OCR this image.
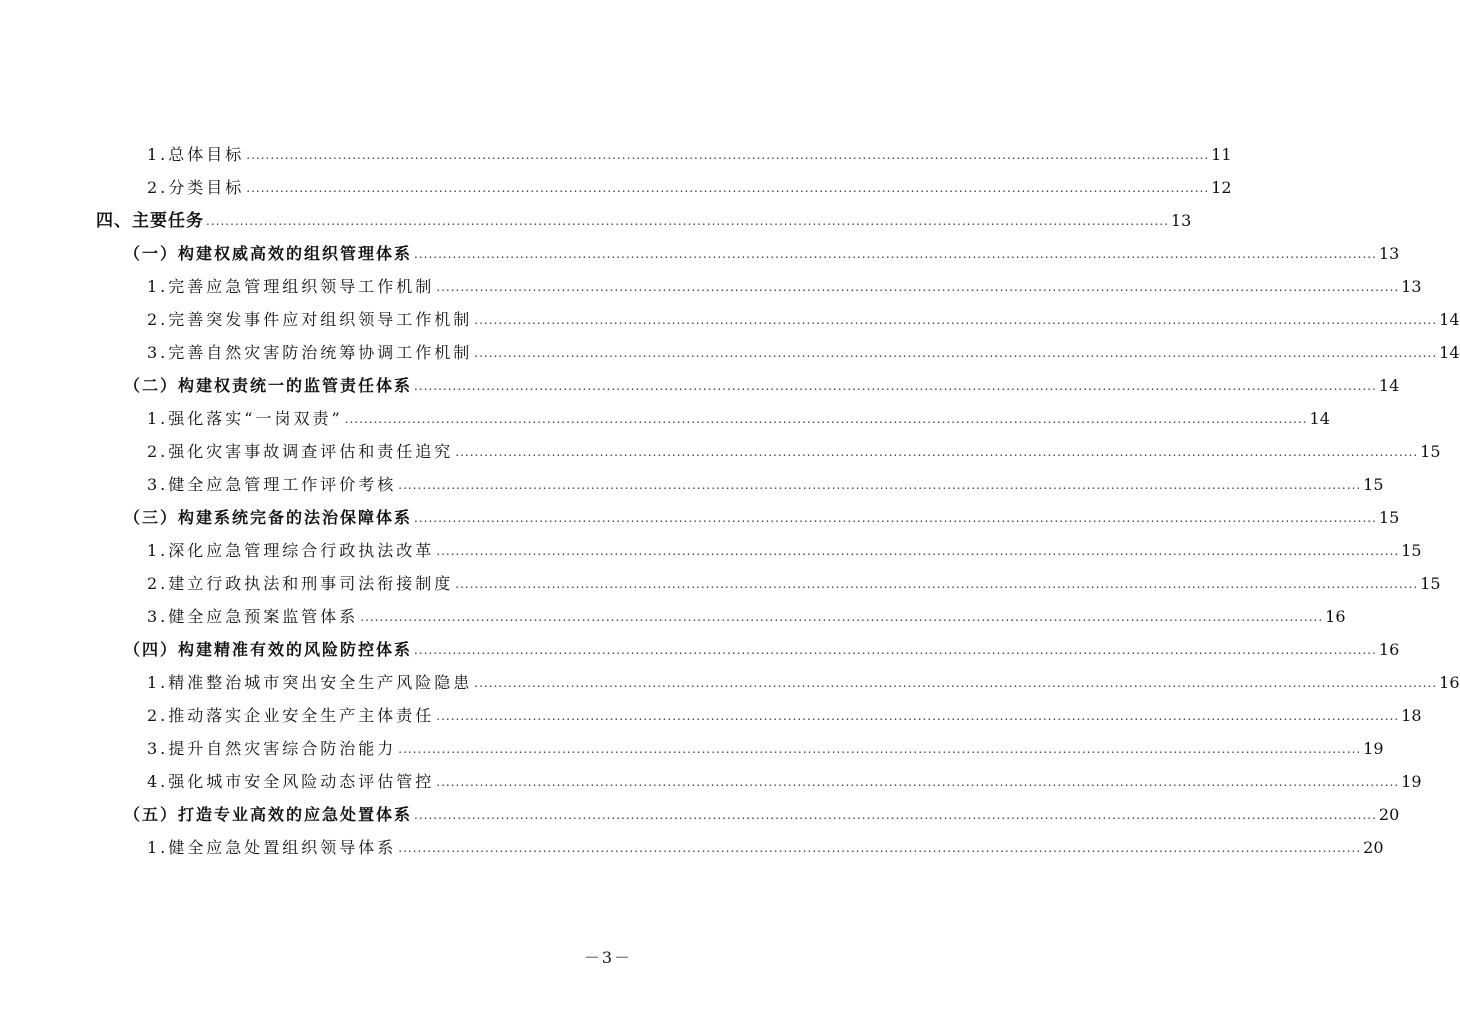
1.总体目标 ........................................................................................................................................................................................................ 11
2.分类目标 ........................................................................................................................................................................................................ 12
四、主要任务 ........................................................................................................................................................................................................ 13
（一）构建权威高效的组织管理体系 ........................................................................................................................................................................................................ 13
1.完善应急管理组织领导工作机制 ........................................................................................................................................................................................................ 13
2.完善突发事件应对组织领导工作机制 ........................................................................................................................................................................................................ 14
3.完善自然灾害防治统筹协调工作机制 ........................................................................................................................................................................................................ 14
（二）构建权责统一的监管责任体系 ........................................................................................................................................................................................................ 14
1.强化落实“一岗双责” ........................................................................................................................................................................................................ 14
2.强化灾害事故调查评估和责任追究 ........................................................................................................................................................................................................ 15
3.健全应急管理工作评价考核 ........................................................................................................................................................................................................ 15
（三）构建系统完备的法治保障体系 ........................................................................................................................................................................................................ 15
1.深化应急管理综合行政执法改革 ........................................................................................................................................................................................................ 15
2.建立行政执法和刑事司法衔接制度 ........................................................................................................................................................................................................ 15
3.健全应急预案监管体系 ........................................................................................................................................................................................................ 16
（四）构建精准有效的风险防控体系 ........................................................................................................................................................................................................ 16
1.精准整治城市突出安全生产风险隐患 ........................................................................................................................................................................................................ 16
2.推动落实企业安全生产主体责任 ........................................................................................................................................................................................................ 18
3.提升自然灾害综合防治能力 ........................................................................................................................................................................................................ 19
4.强化城市安全风险动态评估管控 ........................................................................................................................................................................................................ 19
（五）打造专业高效的应急处置体系 ........................................................................................................................................................................................................ 20
1.健全应急处置组织领导体系 ........................................................................................................................................................................................................ 20
－3－
